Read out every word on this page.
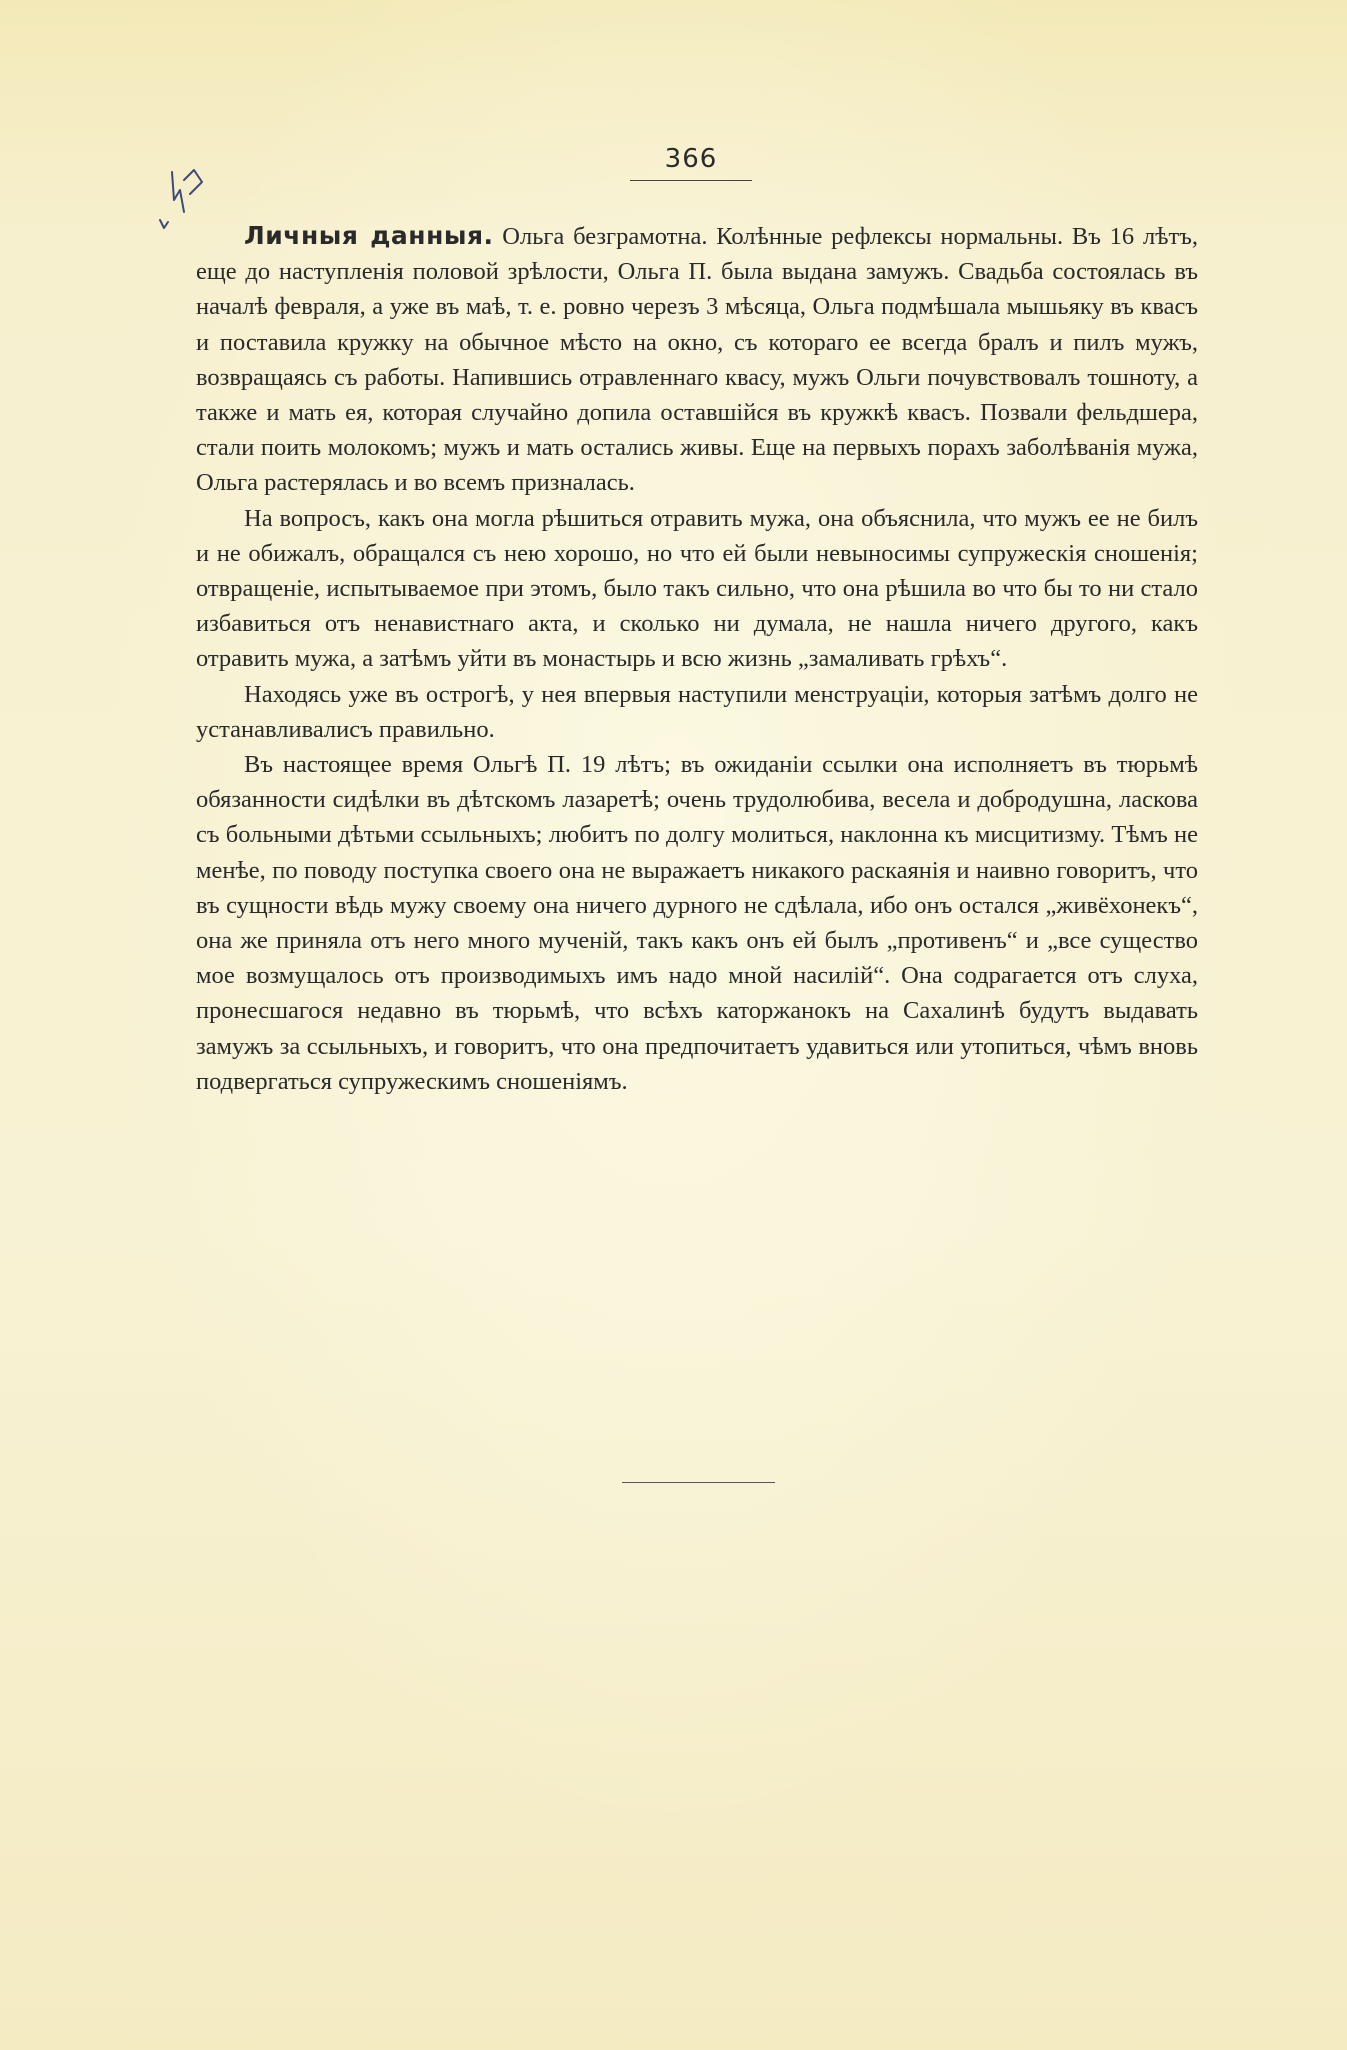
366

Личныя данныя. Ольга безграмотна. Колѣнные рефлексы нормальны. Въ 16 лѣтъ, еще до наступленія половой зрѣлости, Ольга П. была выдана замужъ. Свадьба состоялась въ началѣ февраля, а уже въ маѣ, т. е. ровно черезъ 3 мѣсяца, Ольга подмѣшала мышьяку въ квасъ и поставила кружку на обычное мѣсто на окно, съ котораго ее всегда бралъ и пилъ мужъ, возвращаясь съ работы. Напившись отравленнаго квасу, мужъ Ольги почувствовалъ тошноту, а также и мать ея, которая случайно допила оставшійся въ кружкѣ квасъ. Позвали фельдшера, стали поить молокомъ; мужъ и мать остались живы. Еще на первыхъ порахъ заболѣванія мужа, Ольга растерялась и во всемъ призналась.

На вопросъ, какъ она могла рѣшиться отравить мужа, она объяснила, что мужъ ее не билъ и не обижалъ, обращался съ нею хорошо, но что ей были невыносимы супружескія сношенія; отвращеніе, испытываемое при этомъ, было такъ сильно, что она рѣшила во что бы то ни стало избавиться отъ ненавистнаго акта, и сколько ни думала, не нашла ничего другого, какъ отравить мужа, а затѣмъ уйти въ монастырь и всю жизнь „замаливать грѣхъ“.

Находясь уже въ острогѣ, у нея впервыя наступили менструаціи, которыя затѣмъ долго не устанавливалисъ правильно.

Въ настоящее время Ольгѣ П. 19 лѣтъ; въ ожиданіи ссылки она исполняетъ въ тюрьмѣ обязанности сидѣлки въ дѣтскомъ лазаретѣ; очень трудолюбива, весела и добродушна, ласкова съ больными дѣтьми ссыльныхъ; любитъ по долгу молиться, наклонна къ мисцитизму. Тѣмъ не менѣе, по поводу поступка своего она не выражаетъ никакого раскаянія и наивно говоритъ, что въ сущности вѣдь мужу своему она ничего дурного не сдѣлала, ибо онъ остался „живёхонекъ“, она же приняла отъ него много мученій, такъ какъ онъ ей былъ „противенъ“ и „все существо мое возмущалось отъ производимыхъ имъ надо мной насилій“. Она содрагается отъ слуха, пронесшагося недавно въ тюрьмѣ, что всѣхъ каторжанокъ на Сахалинѣ будутъ выдавать замужъ за ссыльныхъ, и говоритъ, что она предпочитаетъ удавиться или утопиться, чѣмъ вновь подвергаться супружескимъ сношеніямъ.
